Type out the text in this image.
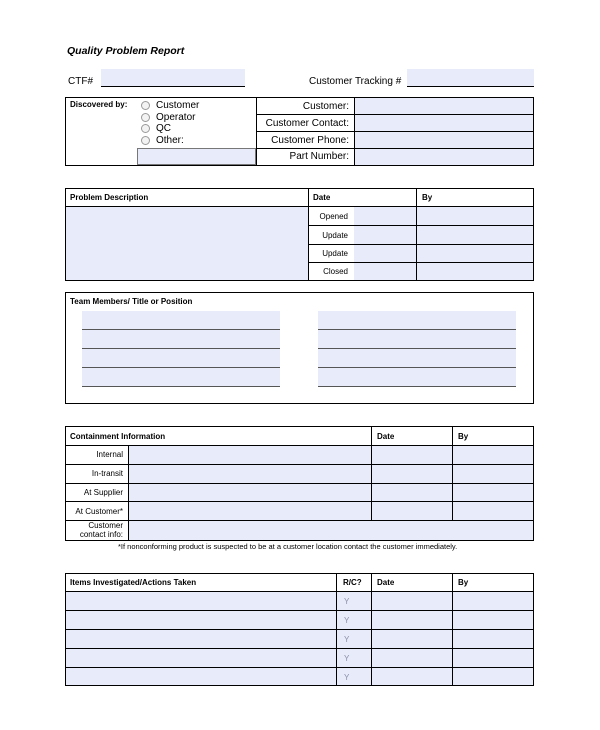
Quality Problem Report
CTF#	Customer Tracking #
Discovered by:	Customer
Operator
QC
Other:
Customer:
Customer Contact:
Customer Phone:
Part Number:
Problem Description	Date	By
Opened
Update
Update
Closed
Team Members/ Title or Position
Containment Information	Date	By
Internal
In-transit
At Supplier
At Customer*
Customer
contact info:
*If nonconforming product is suspected to be at a customer location contact the customer immediately.
Items Investigated/Actions Taken	R/C? Date	By
Y
Y
Y
Y
Y
